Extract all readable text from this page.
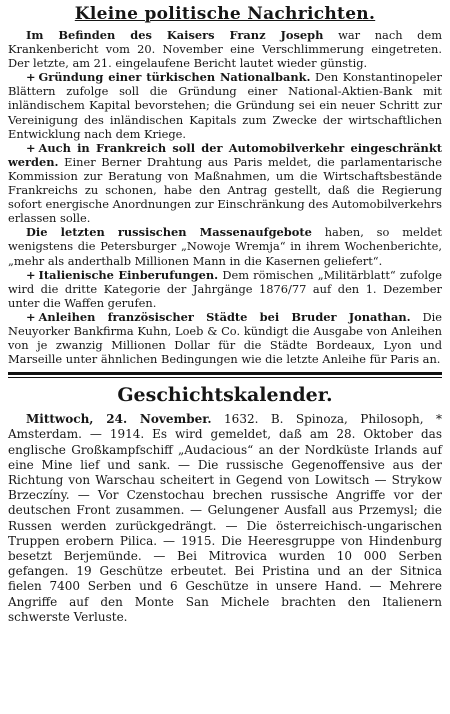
Kleine politische Nachrichten.

Im Befinden des Kaisers Franz Joseph war nach dem Krankenbericht vom 20. November eine Verschlimmerung eingetreten. Der letzte, am 21. eingelaufene Bericht lautet wieder günstig.

+ Gründung einer türkischen Nationalbank. Den Konstantinopeler Blättern zufolge soll die Gründung einer National-Aktien-Bank mit inländischem Kapital bevorstehen; die Gründung sei ein neuer Schritt zur Vereinigung des inländischen Kapitals zum Zwecke der wirtschaftlichen Entwicklung nach dem Kriege.

+ Auch in Frankreich soll der Automobilverkehr eingeschränkt werden. Einer Berner Drahtung aus Paris meldet, die parlamentarische Kommission zur Beratung von Maßnahmen, um die Wirtschaftsbestände Frankreichs zu schonen, habe den Antrag gestellt, daß die Regierung sofort energische Anordnungen zur Einschränkung des Automobilverkehrs erlassen solle.

Die letzten russischen Massenaufgebote haben, so meldet wenigstens die Petersburger „Nowoje Wremja“ in ihrem Wochenberichte, „mehr als anderthalb Millionen Mann in die Kasernen geliefert“.

+ Italienische Einberufungen. Dem römischen „Militärblatt“ zufolge wird die dritte Kategorie der Jahrgänge 1876/77 auf den 1. Dezember unter die Waffen gerufen.

+ Anleihen französischer Städte bei Bruder Jonathan. Die Neuyorker Bankfirma Kuhn, Loeb & Co. kündigt die Ausgabe von Anleihen von je zwanzig Millionen Dollar für die Städte Bordeaux, Lyon und Marseille unter ähnlichen Bedingungen wie die letzte Anleihe für Paris an.

Geschichtskalender.

Mittwoch, 24. November. 1632. B. Spinoza, Philosoph, * Amsterdam. — 1914. Es wird gemeldet, daß am 28. Oktober das englische Großkampfschiff „Audacious“ an der Nordküste Irlands auf eine Mine lief und sank. — Die russische Gegenoffensive aus der Richtung von Warschau scheitert in Gegend von Lowitsch — Strykow Brzeczíny. — Vor Czenstochau brechen russische Angriffe vor der deutschen Front zusammen. — Gelungener Ausfall aus Przemysl; die Russen werden zurückgedrängt. — Die österreichisch-ungarischen Truppen erobern Pilica. — 1915. Die Heeresgruppe von Hindenburg besetzt Berjemünde. — Bei Mitrovica wurden 10 000 Serben gefangen. 19 Geschütze erbeutet. Bei Pristina und an der Sitnica fielen 7400 Serben und 6 Geschütze in unsere Hand. — Mehrere Angriffe auf den Monte San Michele brachten den Italienern schwerste Verluste.
